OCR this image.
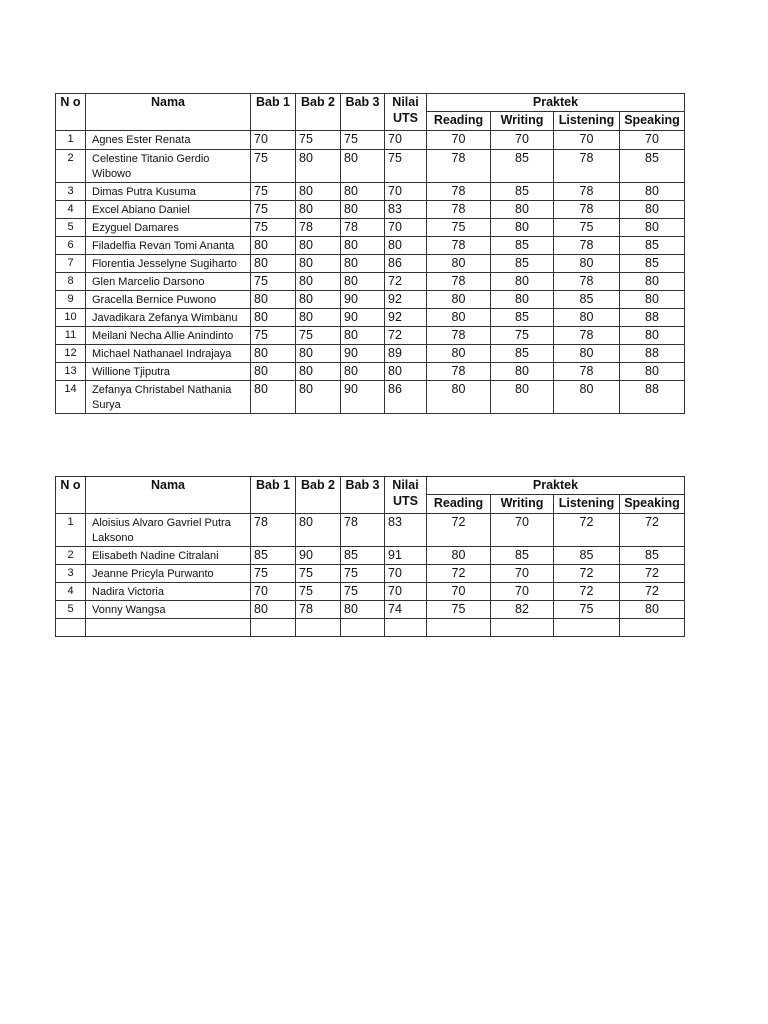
N o	Nama	Bab 1	Bab 2	Bab 3	Nilai UTS	Praktek			
						Reading	Writing	Listening	Speaking
1	Agnes Ester Renata	70	75	75	70	70	70	70	70
2	Celestine Titanio Gerdio Wibowo	75	80	80	75	78	85	78	85
3	Dimas Putra Kusuma	75	80	80	70	78	85	78	80
4	Excel Abiano Daniel	75	80	80	83	78	80	78	80
5	Ezyguel Damares	75	78	78	70	75	80	75	80
6	Filadelfia Revan Tomi Ananta	80	80	80	80	78	85	78	85
7	Florentia Jesselyne Sugiharto	80	80	80	86	80	85	80	85
8	Glen Marcelio Darsono	75	80	80	72	78	80	78	80
9	Gracella Bernice Puwono	80	80	90	92	80	80	85	80
10	Javadikara Zefanya Wimbanu	80	80	90	92	80	85	80	88
11	Meilani Necha Allie Anindinto	75	75	80	72	78	75	78	80
12	Michael Nathanael Indrajaya	80	80	90	89	80	85	80	88
13	Willione Tjiputra	80	80	80	80	78	80	78	80
14	Zefanya Christabel Nathania Surya	80	80	90	86	80	80	80	88
N o	Nama	Bab 1	Bab 2	Bab 3	Nilai UTS	Praktek			
						Reading	Writing	Listening	Speaking
1	Aloisius Alvaro Gavriel Putra Laksono	78	80	78	83	72	70	72	72
2	Elisabeth Nadine Citralani	85	90	85	91	80	85	85	85
3	Jeanne Pricyla Purwanto	75	75	75	70	72	70	72	72
4	Nadira Victoria	70	75	75	70	70	70	72	72
5	Vonny Wangsa	80	78	80	74	75	82	75	80
